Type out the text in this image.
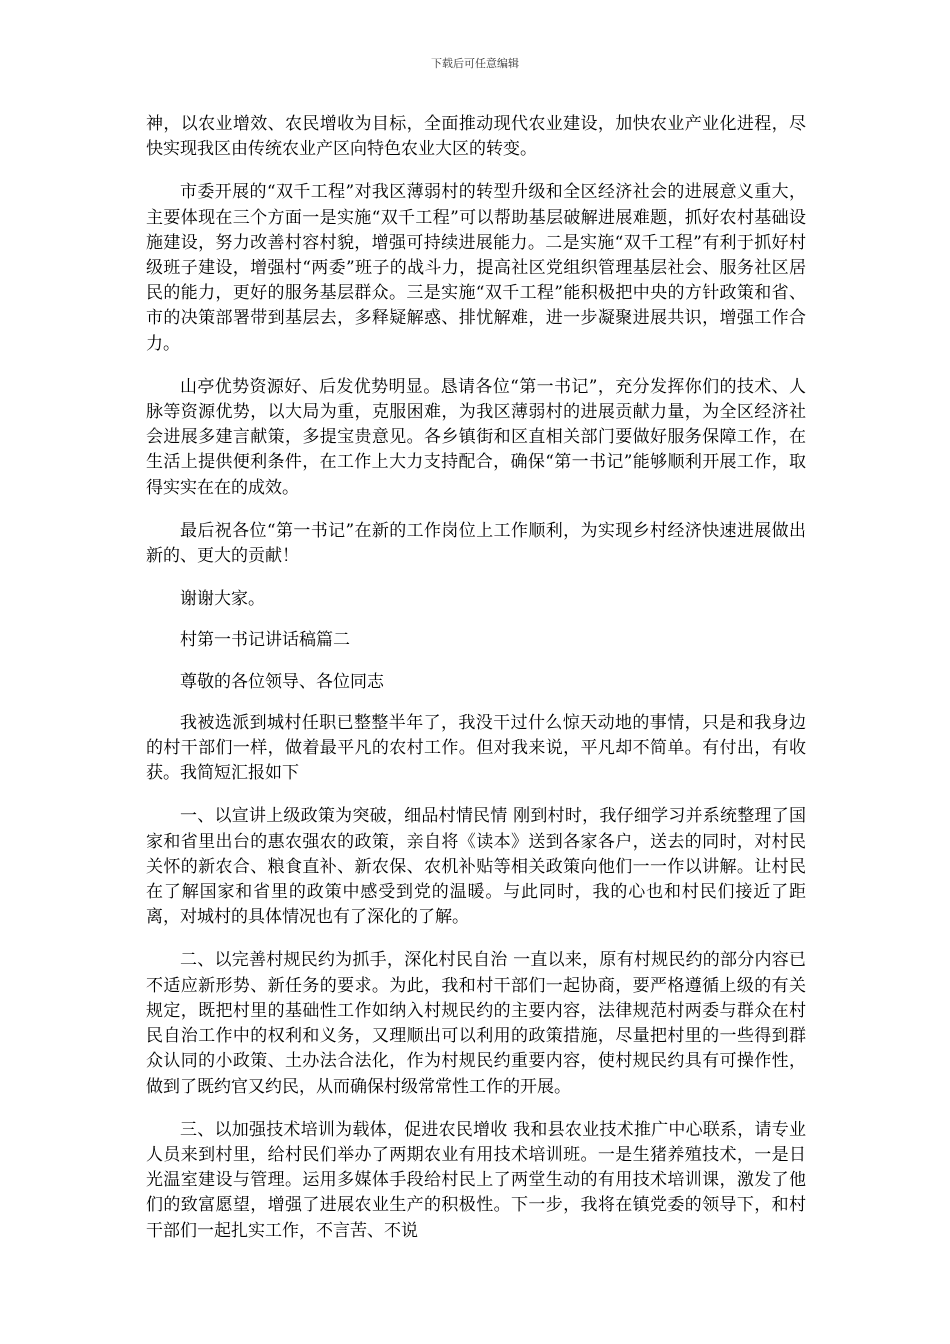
下载后可任意编辑

神，以农业增效、农民增收为目标，全面推动现代农业建设，加快农业产业化进程，尽快实现我区由传统农业产区向特色农业大区的转变。

市委开展的“双千工程”对我区薄弱村的转型升级和全区经济社会的进展意义重大，主要体现在三个方面一是实施“双千工程”可以帮助基层破解进展难题，抓好农村基础设施建设，努力改善村容村貌，增强可持续进展能力。二是实施“双千工程”有利于抓好村级班子建设，增强村“两委”班子的战斗力，提高社区党组织管理基层社会、服务社区居民的能力，更好的服务基层群众。三是实施“双千工程”能积极把中央的方针政策和省、市的决策部署带到基层去，多释疑解惑、排忧解难，进一步凝聚进展共识，增强工作合力。

山亭优势资源好、后发优势明显。恳请各位“第一书记”，充分发挥你们的技术、人脉等资源优势，以大局为重，克服困难，为我区薄弱村的进展贡献力量，为全区经济社会进展多建言献策，多提宝贵意见。各乡镇街和区直相关部门要做好服务保障工作，在生活上提供便利条件，在工作上大力支持配合，确保“第一书记”能够顺利开展工作，取得实实在在的成效。

最后祝各位“第一书记”在新的工作岗位上工作顺利，为实现乡村经济快速进展做出新的、更大的贡献！

谢谢大家。

村第一书记讲话稿篇二

尊敬的各位领导、各位同志

我被选派到城村任职已整整半年了，我没干过什么惊天动地的事情，只是和我身边的村干部们一样，做着最平凡的农村工作。但对我来说，平凡却不简单。有付出，有收获。我简短汇报如下

一、以宣讲上级政策为突破，细品村情民情 刚到村时，我仔细学习并系统整理了国家和省里出台的惠农强农的政策，亲自将《读本》送到各家各户，送去的同时，对村民关怀的新农合、粮食直补、新农保、农机补贴等相关政策向他们一一作以讲解。让村民在了解国家和省里的政策中感受到党的温暖。与此同时，我的心也和村民们接近了距离，对城村的具体情况也有了深化的了解。

二、以完善村规民约为抓手，深化村民自治 一直以来，原有村规民约的部分内容已不适应新形势、新任务的要求。为此，我和村干部们一起协商，要严格遵循上级的有关规定，既把村里的基础性工作如纳入村规民约的主要内容，法律规范村两委与群众在村民自治工作中的权利和义务，又理顺出可以利用的政策措施，尽量把村里的一些得到群众认同的小政策、土办法合法化，作为村规民约重要内容，使村规民约具有可操作性，做到了既约官又约民，从而确保村级常常性工作的开展。

三、以加强技术培训为载体，促进农民增收 我和县农业技术推广中心联系，请专业人员来到村里，给村民们举办了两期农业有用技术培训班。一是生猪养殖技术，一是日光温室建设与管理。运用多媒体手段给村民上了两堂生动的有用技术培训课，激发了他们的致富愿望，增强了进展农业生产的积极性。下一步，我将在镇党委的领导下，和村干部们一起扎实工作，不言苦、不说
